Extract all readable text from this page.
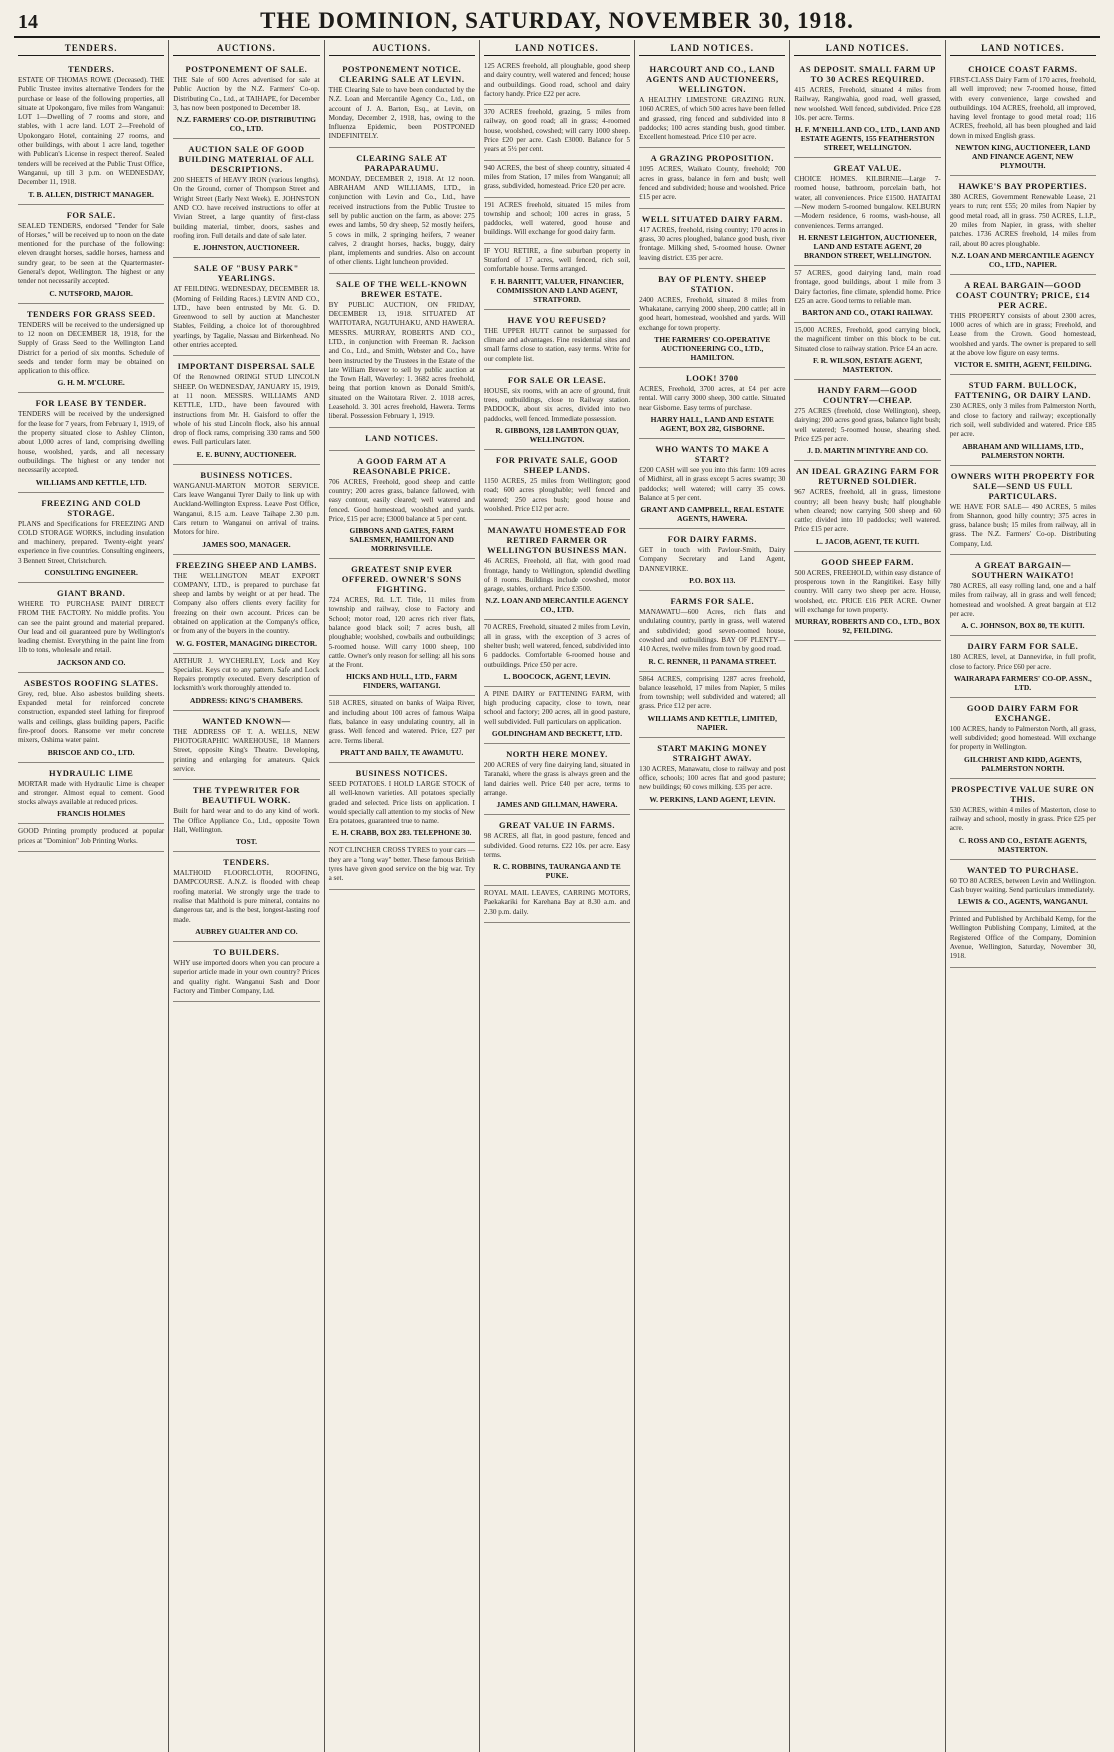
14	THE DOMINION, SATURDAY, NOVEMBER 30, 1918.
TENDERS.
TENDERS.

ESTATE OF THOMAS ROWE (Deceased). THE Public Trustee invites alternative Tenders for the purchase or lease of the following properties, all situate at Upokongaro, five miles from Wanganui: LOT 1—Dwelling of 7 rooms and store, and stables, with 1 acre land. LOT 2—Freehold of Upokongaro Hotel, containing 27 rooms, and other buildings, with about 1 acre land, together with Publican's License in respect thereof. Sealed tenders will be received at the Public Trust Office, Wanganui, up till 3 p.m. on WEDNESDAY, December 11, 1918.

T. B. ALLEN, DISTRICT MANAGER.
FOR SALE.

SEALED TENDERS, endorsed "Tender for Sale of Horses," will be received up to noon on the date mentioned for the purchase of the following: eleven draught horses, saddle horses, harness and sundry gear, to be seen at the Quartermaster-General's depot, Wellington. The highest or any tender not necessarily accepted.

C. NUTSFORD, MAJOR.
TENDERS FOR GRASS SEED.

TENDERS will be received to the undersigned up to 12 noon on DECEMBER 18, 1918, for the Supply of Grass Seed to the Wellington Land District for a period of six months. Schedule of seeds and tender form may be obtained on application to this office.

G. H. M. M'CLURE.
FOR LEASE BY TENDER.

TENDERS will be received by the undersigned for the lease for 7 years, from February 1, 1919, of the property situated close to Ashley Clinton, about 1,000 acres of land, comprising dwelling house, woolshed, yards, and all necessary outbuildings. The highest or any tender not necessarily accepted.

WILLIAMS AND KETTLE, LTD.
FREEZING AND COLD STORAGE.

PLANS and Specifications for FREEZING AND COLD STORAGE WORKS, including insulation and machinery, prepared. Twenty-eight years' experience in five countries. Consulting engineers, 3 Bennett Street, Christchurch.

CONSULTING ENGINEER.
GIANT BRAND.

WHERE TO PURCHASE PAINT DIRECT FROM THE FACTORY. No middle profits. You can see the paint ground and material prepared. Our lead and oil guaranteed pure by Wellington's leading chemist. Everything in the paint line from 1lb to tons, wholesale and retail.

JACKSON AND CO.
ASBESTOS ROOFING SLATES.

Grey, red, blue. Also asbestos building sheets. Expanded metal for reinforced concrete construction, expanded steel lathing for fireproof walls and ceilings, glass building papers, Pacific fire-proof doors. Ransome ver mehr concrete mixers, Oshima water paint.

BRISCOE AND CO., LTD.
HYDRAULIC LIME

MORTAR made with Hydraulic Lime is cheaper and stronger. Almost equal to cement. Good stocks always available at reduced prices.

FRANCIS HOLMES

GOOD Printing promptly produced at popular prices at "Dominion" Job Printing Works.

AUCTIONS.
POSTPONEMENT OF SALE.

THE Sale of 600 Acres advertised for sale at Public Auction by the N.Z. Farmers' Co-op. Distributing Co., Ltd., at TAIHAPE, for December 3, has now been postponed to December 18.

N.Z. FARMERS' CO-OP. DISTRIBUTING CO., LTD.
AUCTION SALE OF GOOD BUILDING MATERIAL OF ALL DESCRIPTIONS.

200 SHEETS of HEAVY IRON (various lengths). On the Ground, corner of Thompson Street and Wright Street (Early Next Week). E. JOHNSTON AND CO. have received instructions to offer at Vivian Street, a large quantity of first-class building material, timber, doors, sashes and roofing iron. Full details and date of sale later.

E. JOHNSTON, AUCTIONEER.
SALE OF "BUSY PARK" YEARLINGS.

AT FEILDING. WEDNESDAY, DECEMBER 18. (Morning of Feilding Races.) LEVIN AND CO., LTD., have been entrusted by Mr. G. D. Greenwood to sell by auction at Manchester Stables, Feilding, a choice lot of thoroughbred yearlings, by Tagalie, Nassau and Birkenhead. No other entries accepted.

IMPORTANT DISPERSAL SALE

Of the Renowned ORINGI STUD LINCOLN SHEEP. On WEDNESDAY, JANUARY 15, 1919, at 11 noon. MESSRS. WILLIAMS AND KETTLE, LTD., have been favoured with instructions from Mr. H. Gaisford to offer the whole of his stud Lincoln flock, also his annual drop of flock rams, comprising 330 rams and 500 ewes. Full particulars later.

E. E. BUNNY, AUCTIONEER.
BUSINESS NOTICES.

WANGANUI-MARTON MOTOR SERVICE. Cars leave Wanganui Tyrer Daily to link up with Auckland-Wellington Express. Leave Post Office, Wanganui, 8.15 a.m. Leave Taihape 2.30 p.m. Cars return to Wanganui on arrival of trains. Motors for hire.

JAMES SOO, MANAGER.
FREEZING SHEEP AND LAMBS.

THE WELLINGTON MEAT EXPORT COMPANY, LTD., is prepared to purchase fat sheep and lambs by weight or at per head. The Company also offers clients every facility for freezing on their own account. Prices can be obtained on application at the Company's office, or from any of the buyers in the country.

W. G. FOSTER, MANAGING DIRECTOR.

ARTHUR J. WYCHERLEY, Lock and Key Specialist. Keys cut to any pattern. Safe and Lock Repairs promptly executed. Every description of locksmith's work thoroughly attended to.

ADDRESS: KING'S CHAMBERS.
WANTED KNOWN—

THE ADDRESS OF T. A. WELLS, NEW PHOTOGRAPHIC WAREHOUSE, 18 Manners Street, opposite King's Theatre. Developing, printing and enlarging for amateurs. Quick service.

THE TYPEWRITER FOR BEAUTIFUL WORK.

Built for hard wear and to do any kind of work. The Office Appliance Co., Ltd., opposite Town Hall, Wellington.

TOST.
TENDERS.

MALTHOID FLOORCLOTH, ROOFING, DAMPCOURSE. A.N.Z. is flooded with cheap roofing material. We strongly urge the trade to realise that Malthoid is pure mineral, contains no dangerous tar, and is the best, longest-lasting roof made.

AUBREY GUALTER AND CO.
TO BUILDERS.

WHY use imported doors when you can procure a superior article made in your own country? Prices and quality right. Wanganui Sash and Door Factory and Timber Company, Ltd.

AUCTIONS.
POSTPONEMENT NOTICE. CLEARING SALE AT LEVIN.

THE Clearing Sale to have been conducted by the N.Z. Loan and Mercantile Agency Co., Ltd., on account of J. A. Barton, Esq., at Levin, on Monday, December 2, 1918, has, owing to the Influenza Epidemic, been POSTPONED INDEFINITELY.

CLEARING SALE AT PARAPARAUMU.

MONDAY, DECEMBER 2, 1918. At 12 noon. ABRAHAM AND WILLIAMS, LTD., in conjunction with Levin and Co., Ltd., have received instructions from the Public Trustee to sell by public auction on the farm, as above: 275 ewes and lambs, 50 dry sheep, 52 mostly heifers, 5 cows in milk, 2 springing heifers, 7 weaner calves, 2 draught horses, hacks, buggy, dairy plant, implements and sundries. Also on account of other clients. Light luncheon provided.

SALE OF THE WELL-KNOWN BREWER ESTATE.

BY PUBLIC AUCTION, ON FRIDAY, DECEMBER 13, 1918. SITUATED AT WAITOTARA, NGUTUHAKU, AND HAWERA. MESSRS. MURRAY, ROBERTS AND CO., LTD., in conjunction with Freeman R. Jackson and Co., Ltd., and Smith, Webster and Co., have been instructed by the Trustees in the Estate of the late William Brewer to sell by public auction at the Town Hall, Waverley: 1. 3682 acres freehold, being that portion known as Donald Smith's, situated on the Waitotara River. 2. 1018 acres, Leasehold. 3. 301 acres freehold, Hawera. Terms liberal. Possession February 1, 1919.

LAND NOTICES.
A GOOD FARM AT A REASONABLE PRICE.

706 ACRES, Freehold, good sheep and cattle country; 200 acres grass, balance fallowed, with easy contour, easily cleared; well watered and fenced. Good homestead, woolshed and yards. Price, £15 per acre; £3000 balance at 5 per cent.

GIBBONS AND GATES, FARM SALESMEN, HAMILTON AND MORRINSVILLE.
GREATEST SNIP EVER OFFERED. OWNER'S SONS FIGHTING.

724 ACRES, Rd. L.T. Title, 11 miles from township and railway, close to Factory and School; motor road, 120 acres rich river flats, balance good black soil; 7 acres bush, all ploughable; woolshed, cowbails and outbuildings; 5-roomed house. Will carry 1000 sheep, 100 cattle. Owner's only reason for selling: all his sons at the Front.

HICKS AND HULL, LTD., FARM FINDERS, WAITANGI.

518 ACRES, situated on banks of Waipa River, and including about 100 acres of famous Waipa flats, balance in easy undulating country, all in grass. Well fenced and watered. Price, £27 per acre. Terms liberal.

PRATT AND BAILY, TE AWAMUTU.
BUSINESS NOTICES.

SEED POTATOES. I HOLD LARGE STOCK of all well-known varieties. All potatoes specially graded and selected. Price lists on application. I would specially call attention to my stocks of New Era potatoes, guaranteed true to name.

E. H. CRABB, BOX 283. TELEPHONE 30.

NOT CLINCHER CROSS TYRES to your cars — they are a "long way" better. These famous British tyres have given good service on the big war. Try a set.

LAND NOTICES.

125 ACRES freehold, all ploughable, good sheep and dairy country, well watered and fenced; house and outbuildings. Good road, school and dairy factory handy. Price £22 per acre.

370 ACRES freehold, grazing, 5 miles from railway, on good road; all in grass; 4-roomed house, woolshed, cowshed; will carry 1000 sheep. Price £20 per acre. Cash £3000. Balance for 5 years at 5½ per cent.

940 ACRES, the best of sheep country, situated 4 miles from Station, 17 miles from Wanganui; all grass, subdivided, homestead. Price £20 per acre.

191 ACRES freehold, situated 15 miles from township and school; 100 acres in grass, 5 paddocks, well watered, good house and buildings. Will exchange for good dairy farm.

IF YOU RETIRE, a fine suburban property in Stratford of 17 acres, well fenced, rich soil, comfortable house. Terms arranged.

F. H. BARNITT, VALUER, FINANCIER, COMMISSION AND LAND AGENT, STRATFORD.
HAVE YOU REFUSED?

THE UPPER HUTT cannot be surpassed for climate and advantages. Fine residential sites and small farms close to station, easy terms. Write for our complete list.

FOR SALE OR LEASE.

HOUSE, six rooms, with an acre of ground, fruit trees, outbuildings, close to Railway station. PADDOCK, about six acres, divided into two paddocks, well fenced. Immediate possession.

R. GIBBONS, 128 LAMBTON QUAY, WELLINGTON.
FOR PRIVATE SALE, GOOD SHEEP LANDS.

1150 ACRES, 25 miles from Wellington; good road; 600 acres ploughable; well fenced and watered; 250 acres bush; good house and woolshed. Price £12 per acre.

MANAWATU HOMESTEAD FOR RETIRED FARMER OR WELLINGTON BUSINESS MAN.

46 ACRES, Freehold, all flat, with good road frontage, handy to Wellington, splendid dwelling of 8 rooms. Buildings include cowshed, motor garage, stables, orchard. Price £3500.

N.Z. LOAN AND MERCANTILE AGENCY CO., LTD.

70 ACRES, Freehold, situated 2 miles from Levin, all in grass, with the exception of 3 acres of shelter bush; well watered, fenced, subdivided into 6 paddocks. Comfortable 6-roomed house and outbuildings. Price £50 per acre.

L. BOOCOCK, AGENT, LEVIN.

A PINE DAIRY or FATTENING FARM, with high producing capacity, close to town, near school and factory; 200 acres, all in good pasture, well subdivided. Full particulars on application.

GOLDINGHAM AND BECKETT, LTD.
NORTH HERE MONEY.

200 ACRES of very fine dairying land, situated in Taranaki, where the grass is always green and the land dairies well. Price £40 per acre, terms to arrange.

JAMES AND GILLMAN, HAWERA.
GREAT VALUE IN FARMS.

98 ACRES, all flat, in good pasture, fenced and subdivided. Good returns. £22 10s. per acre. Easy terms.

R. C. ROBBINS, TAURANGA AND TE PUKE.

ROYAL MAIL LEAVES, CARRING MOTORS, Paekakariki for Karehana Bay at 8.30 a.m. and 2.30 p.m. daily.

LAND NOTICES.
HARCOURT AND CO., LAND AGENTS AND AUCTIONEERS, WELLINGTON.

A HEALTHY LIMESTONE GRAZING RUN. 1060 ACRES, of which 500 acres have been felled and grassed, ring fenced and subdivided into 8 paddocks; 100 acres standing bush, good timber. Excellent homestead. Price £10 per acre.

A GRAZING PROPOSITION.

1095 ACRES, Waikato County, freehold; 700 acres in grass, balance in fern and bush; well fenced and subdivided; house and woolshed. Price £15 per acre.

WELL SITUATED DAIRY FARM.

417 ACRES, freehold, rising country; 170 acres in grass, 30 acres ploughed, balance good bush, river frontage. Milking shed, 5-roomed house. Owner leaving district. £35 per acre.

BAY OF PLENTY. SHEEP STATION.

2400 ACRES, Freehold, situated 8 miles from Whakatane, carrying 2000 sheep, 200 cattle; all in good heart, homestead, woolshed and yards. Will exchange for town property.

THE FARMERS' CO-OPERATIVE AUCTIONEERING CO., LTD., HAMILTON.
LOOK! 3700

ACRES, Freehold, 3700 acres, at £4 per acre rental. Will carry 3000 sheep, 300 cattle. Situated near Gisborne. Easy terms of purchase.

HARRY HALL, LAND AND ESTATE AGENT, BOX 282, GISBORNE.
WHO WANTS TO MAKE A START?

£200 CASH will see you into this farm: 109 acres of Midhirst, all in grass except 5 acres swamp; 30 paddocks; well watered; will carry 35 cows. Balance at 5 per cent.

GRANT AND CAMPBELL, REAL ESTATE AGENTS, HAWERA.
FOR DAIRY FARMS.

GET in touch with Pavlour-Smith, Dairy Company Secretary and Land Agent, DANNEVIRKE.

P.O. BOX 113.
FARMS FOR SALE.

MANAWATU—600 Acres, rich flats and undulating country, partly in grass, well watered and subdivided; good seven-roomed house, cowshed and outbuildings. BAY OF PLENTY—410 Acres, twelve miles from town by good road.

R. C. RENNER, 11 PANAMA STREET.

5864 ACRES, comprising 1287 acres freehold, balance leasehold, 17 miles from Napier, 5 miles from township; well subdivided and watered; all grass. Price £12 per acre.

WILLIAMS AND KETTLE, LIMITED, NAPIER.
START MAKING MONEY STRAIGHT AWAY.

130 ACRES, Manawatu, close to railway and post office, schools; 100 acres flat and good pasture; new buildings; 60 cows milking. £35 per acre.

W. PERKINS, LAND AGENT, LEVIN.
LAND NOTICES.
AS DEPOSIT. SMALL FARM UP TO 30 ACRES REQUIRED.

415 ACRES, Freehold, situated 4 miles from Railway, Rangiwahia, good road, well grassed, new woolshed. Well fenced, subdivided. Price £28 10s. per acre. Terms.

H. F. M'NEILL AND CO., LTD., LAND AND ESTATE AGENTS, 155 FEATHERSTON STREET, WELLINGTON.
GREAT VALUE.

CHOICE HOMES. KILBIRNIE—Large 7-roomed house, bathroom, porcelain bath, hot water, all conveniences. Price £1500. HATAITAI—New modern 5-roomed bungalow. KELBURN—Modern residence, 6 rooms, wash-house, all conveniences. Terms arranged.

H. ERNEST LEIGHTON, AUCTIONEER, LAND AND ESTATE AGENT, 20 BRANDON STREET, WELLINGTON.

57 ACRES, good dairying land, main road frontage, good buildings, about 1 mile from 3 Dairy factories, fine climate, splendid home. Price £25 an acre. Good terms to reliable man.

BARTON AND CO., OTAKI RAILWAY.

15,000 ACRES, Freehold, good carrying block, the magnificent timber on this block to be cut. Situated close to railway station. Price £4 an acre.

F. R. WILSON, ESTATE AGENT, MASTERTON.
HANDY FARM—GOOD COUNTRY—CHEAP.

275 ACRES (freehold, close Wellington), sheep, dairying; 200 acres good grass, balance light bush; well watered; 5-roomed house, shearing shed. Price £25 per acre.

J. D. MARTIN M'INTYRE AND CO.
AN IDEAL GRAZING FARM FOR RETURNED SOLDIER.

967 ACRES, freehold, all in grass, limestone country; all been heavy bush; half ploughable when cleared; now carrying 500 sheep and 60 cattle; divided into 10 paddocks; well watered. Price £15 per acre.

L. JACOB, AGENT, TE KUITI.
GOOD SHEEP FARM.

500 ACRES, FREEHOLD, within easy distance of prosperous town in the Rangitikei. Easy hilly country. Will carry two sheep per acre. House, woolshed, etc. PRICE £16 PER ACRE. Owner will exchange for town property.

MURRAY, ROBERTS AND CO., LTD., BOX 92, FEILDING.
LAND NOTICES.
CHOICE COAST FARMS.

FIRST-CLASS Dairy Farm of 170 acres, freehold, all well improved; new 7-roomed house, fitted with every convenience, large cowshed and outbuildings. 104 ACRES, freehold, all improved, having level frontage to good metal road; 116 ACRES, freehold, all has been ploughed and laid down in mixed English grass.

NEWTON KING, AUCTIONEER, LAND AND FINANCE AGENT, NEW PLYMOUTH.
HAWKE'S BAY PROPERTIES.

380 ACRES, Government Renewable Lease, 21 years to run; rent £55; 20 miles from Napier by good metal road, all in grass. 750 ACRES, L.I.P., 20 miles from Napier, in grass, with shelter patches. 1736 ACRES freehold, 14 miles from rail, about 80 acres ploughable.

N.Z. LOAN AND MERCANTILE AGENCY CO., LTD., NAPIER.
A REAL BARGAIN—GOOD COAST COUNTRY; PRICE, £14 PER ACRE.

THIS PROPERTY consists of about 2300 acres, 1000 acres of which are in grass; Freehold, and Lease from the Crown. Good homestead, woolshed and yards. The owner is prepared to sell at the above low figure on easy terms.

VICTOR E. SMITH, AGENT, FEILDING.
STUD FARM. BULLOCK, FATTENING, OR DAIRY LAND.

230 ACRES, only 3 miles from Palmerston North, and close to factory and railway; exceptionally rich soil, well subdivided and watered. Price £85 per acre.

ABRAHAM AND WILLIAMS, LTD., PALMERSTON NORTH.
OWNERS WITH PROPERTY FOR SALE—SEND US FULL PARTICULARS.

WE HAVE FOR SALE— 490 ACRES, 5 miles from Shannon, good hilly country; 375 acres in grass, balance bush; 15 miles from railway, all in grass. The N.Z. Farmers' Co-op. Distributing Company, Ltd.

A GREAT BARGAIN—SOUTHERN WAIKATO!

780 ACRES, all easy rolling land, one and a half miles from railway, all in grass and well fenced; homestead and woolshed. A great bargain at £12 per acre.

A. C. JOHNSON, BOX 80, TE KUITI.
DAIRY FARM FOR SALE.

180 ACRES, level, at Dannevirke, in full profit, close to factory. Price £60 per acre.

WAIRARAPA FARMERS' CO-OP. ASSN., LTD.
GOOD DAIRY FARM FOR EXCHANGE.

100 ACRES, handy to Palmerston North, all grass, well subdivided; good homestead. Will exchange for property in Wellington.

GILCHRIST AND KIDD, AGENTS, PALMERSTON NORTH.
PROSPECTIVE VALUE SURE ON THIS.

530 ACRES, within 4 miles of Masterton, close to railway and school, mostly in grass. Price £25 per acre.

C. ROSS AND CO., ESTATE AGENTS, MASTERTON.
WANTED TO PURCHASE.

60 TO 80 ACRES, between Levin and Wellington. Cash buyer waiting. Send particulars immediately.

LEWIS & CO., AGENTS, WANGANUI.

Printed and Published by Archibald Kemp, for the Wellington Publishing Company, Limited, at the Registered Office of the Company, Dominion Avenue, Wellington, Saturday, November 30, 1918.
